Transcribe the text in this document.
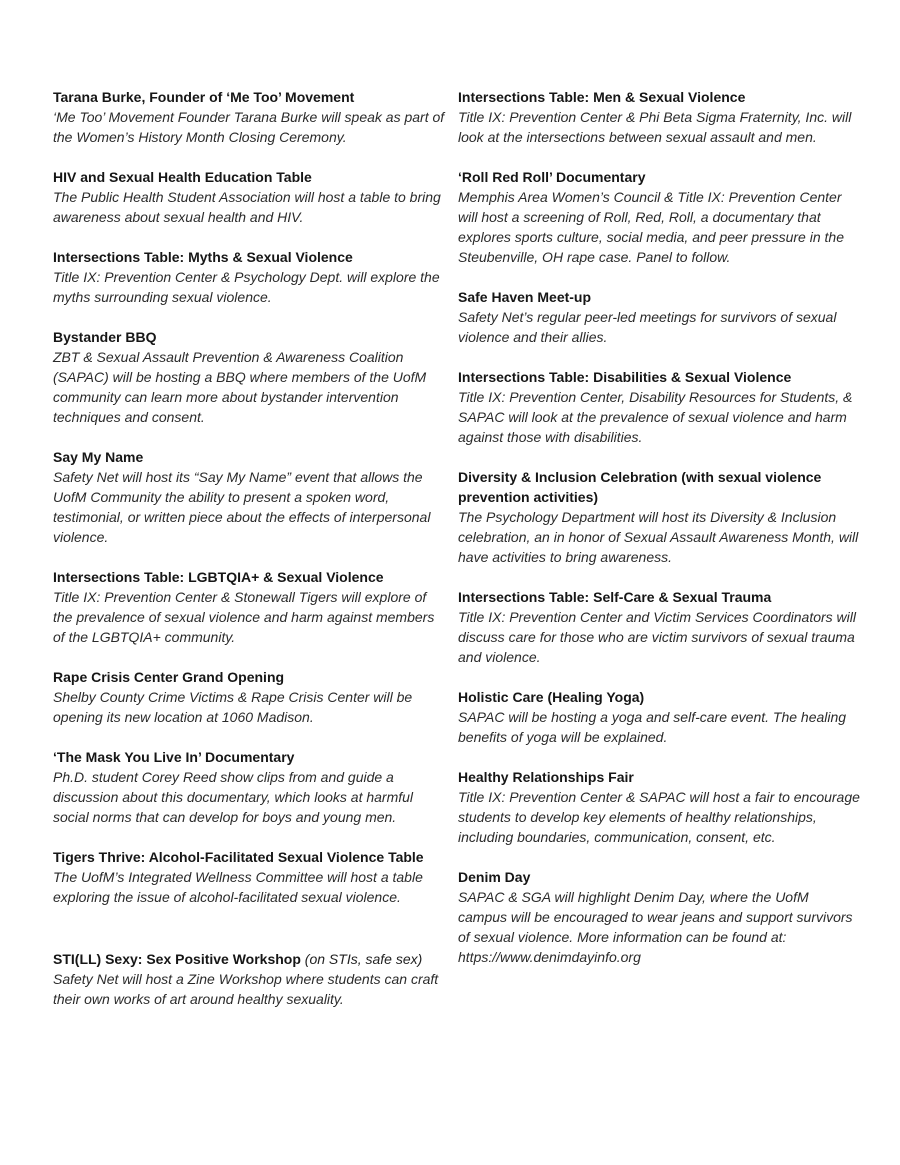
Tarana Burke, Founder of ‘Me Too’ Movement

‘Me Too’ Movement Founder Tarana Burke will speak as part of the Women’s History Month Closing Ceremony.

HIV and Sexual Health Education Table

The Public Health Student Association will host a table to bring awareness about sexual health and HIV.

Intersections Table: Myths & Sexual Violence

Title IX: Prevention Center & Psychology Dept. will explore the myths surrounding sexual violence.

Bystander BBQ

ZBT & Sexual Assault Prevention & Awareness Coalition (SAPAC) will be hosting a BBQ where members of the UofM community can learn more about bystander intervention techniques and consent.

Say My Name

Safety Net will host its “Say My Name” event that allows the UofM Community the ability to present a spoken word, testimonial, or written piece about the effects of interpersonal violence.

Intersections Table: LGBTQIA+ & Sexual Violence

Title IX: Prevention Center & Stonewall Tigers will explore of the prevalence of sexual violence and harm against members of the LGBTQIA+ community.

Rape Crisis Center Grand Opening

Shelby County Crime Victims & Rape Crisis Center will be opening its new location at 1060 Madison.

‘The Mask You Live In’ Documentary

Ph.D. student Corey Reed show clips from and guide a discussion about this documentary, which looks at harmful social norms that can develop for boys and young men.

Tigers Thrive: Alcohol-Facilitated Sexual Violence Table

The UofM’s Integrated Wellness Committee will host a table exploring the issue of alcohol-facilitated sexual violence.

STI(LL) Sexy: Sex Positive Workshop (on STIs, safe sex)

Safety Net will host a Zine Workshop where students can craft their own works of art around healthy sexuality.

Intersections Table: Men & Sexual Violence

Title IX: Prevention Center & Phi Beta Sigma Fraternity, Inc. will look at the intersections between sexual assault and men.

‘Roll Red Roll’ Documentary

Memphis Area Women’s Council & Title IX: Prevention Center will host a screening of Roll, Red, Roll, a documentary that explores sports culture, social media, and peer pressure in the Steubenville, OH rape case. Panel to follow.

Safe Haven Meet-up

Safety Net’s regular peer-led meetings for survivors of sexual violence and their allies.

Intersections Table: Disabilities & Sexual Violence

Title IX: Prevention Center, Disability Resources for Students, & SAPAC will look at the prevalence of sexual violence and harm against those with disabilities.

Diversity & Inclusion Celebration (with sexual violence prevention activities)

The Psychology Department will host its Diversity & Inclusion celebration, an in honor of Sexual Assault Awareness Month, will have activities to bring awareness.

Intersections Table: Self-Care & Sexual Trauma

Title IX: Prevention Center and Victim Services Coordinators will discuss care for those who are victim survivors of sexual trauma and violence.

Holistic Care (Healing Yoga)

SAPAC will be hosting a yoga and self-care event. The healing benefits of yoga will be explained.

Healthy Relationships Fair

Title IX: Prevention Center & SAPAC will host a fair to encourage students to develop key elements of healthy relationships, including boundaries, communication, consent, etc.

Denim Day

SAPAC & SGA will highlight Denim Day, where the UofM campus will be encouraged to wear jeans and support survivors of sexual violence. More information can be found at: https://www.denimdayinfo.org
